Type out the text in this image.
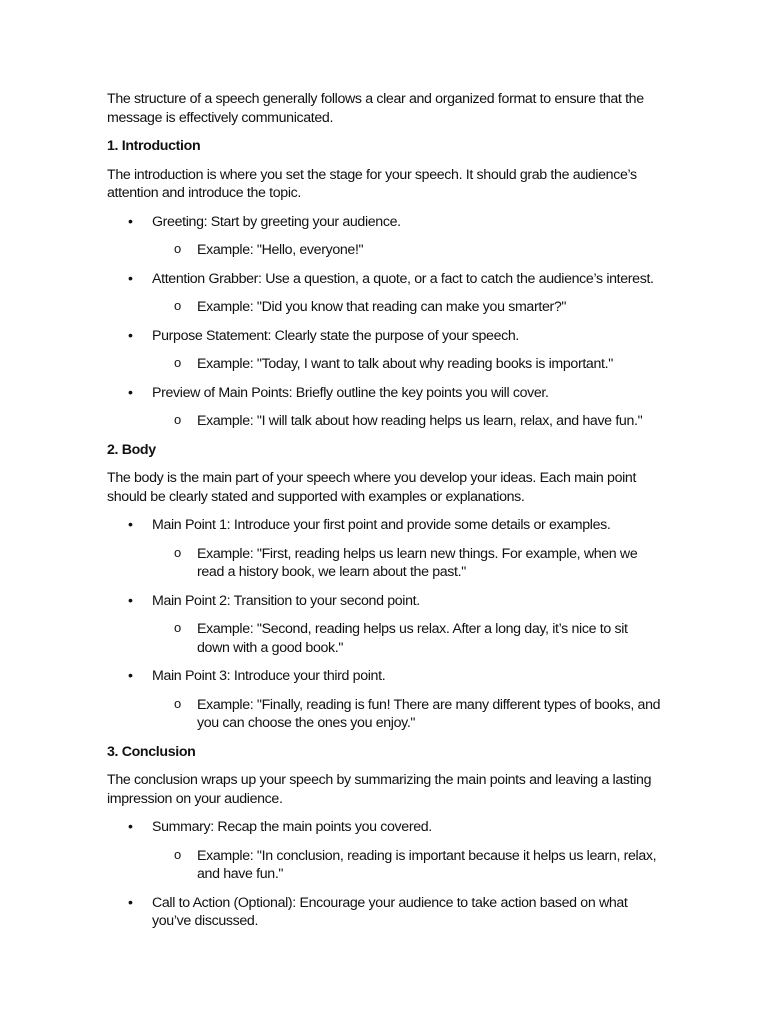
The structure of a speech generally follows a clear and organized format to ensure that the message is effectively communicated.

1. Introduction

The introduction is where you set the stage for your speech. It should grab the audience’s attention and introduce the topic.

• Greeting: Start by greeting your audience.
o Example: "Hello, everyone!"
• Attention Grabber: Use a question, a quote, or a fact to catch the audience’s interest.
o Example: "Did you know that reading can make you smarter?"
• Purpose Statement: Clearly state the purpose of your speech.
o Example: "Today, I want to talk about why reading books is important."
• Preview of Main Points: Briefly outline the key points you will cover.
o Example: "I will talk about how reading helps us learn, relax, and have fun."

2. Body

The body is the main part of your speech where you develop your ideas. Each main point should be clearly stated and supported with examples or explanations.

• Main Point 1: Introduce your first point and provide some details or examples.
o Example: "First, reading helps us learn new things. For example, when we read a history book, we learn about the past."
• Main Point 2: Transition to your second point.
o Example: "Second, reading helps us relax. After a long day, it’s nice to sit down with a good book."
• Main Point 3: Introduce your third point.
o Example: "Finally, reading is fun! There are many different types of books, and you can choose the ones you enjoy."

3. Conclusion

The conclusion wraps up your speech by summarizing the main points and leaving a lasting impression on your audience.

• Summary: Recap the main points you covered.
o Example: "In conclusion, reading is important because it helps us learn, relax, and have fun."
• Call to Action (Optional): Encourage your audience to take action based on what you’ve discussed.
